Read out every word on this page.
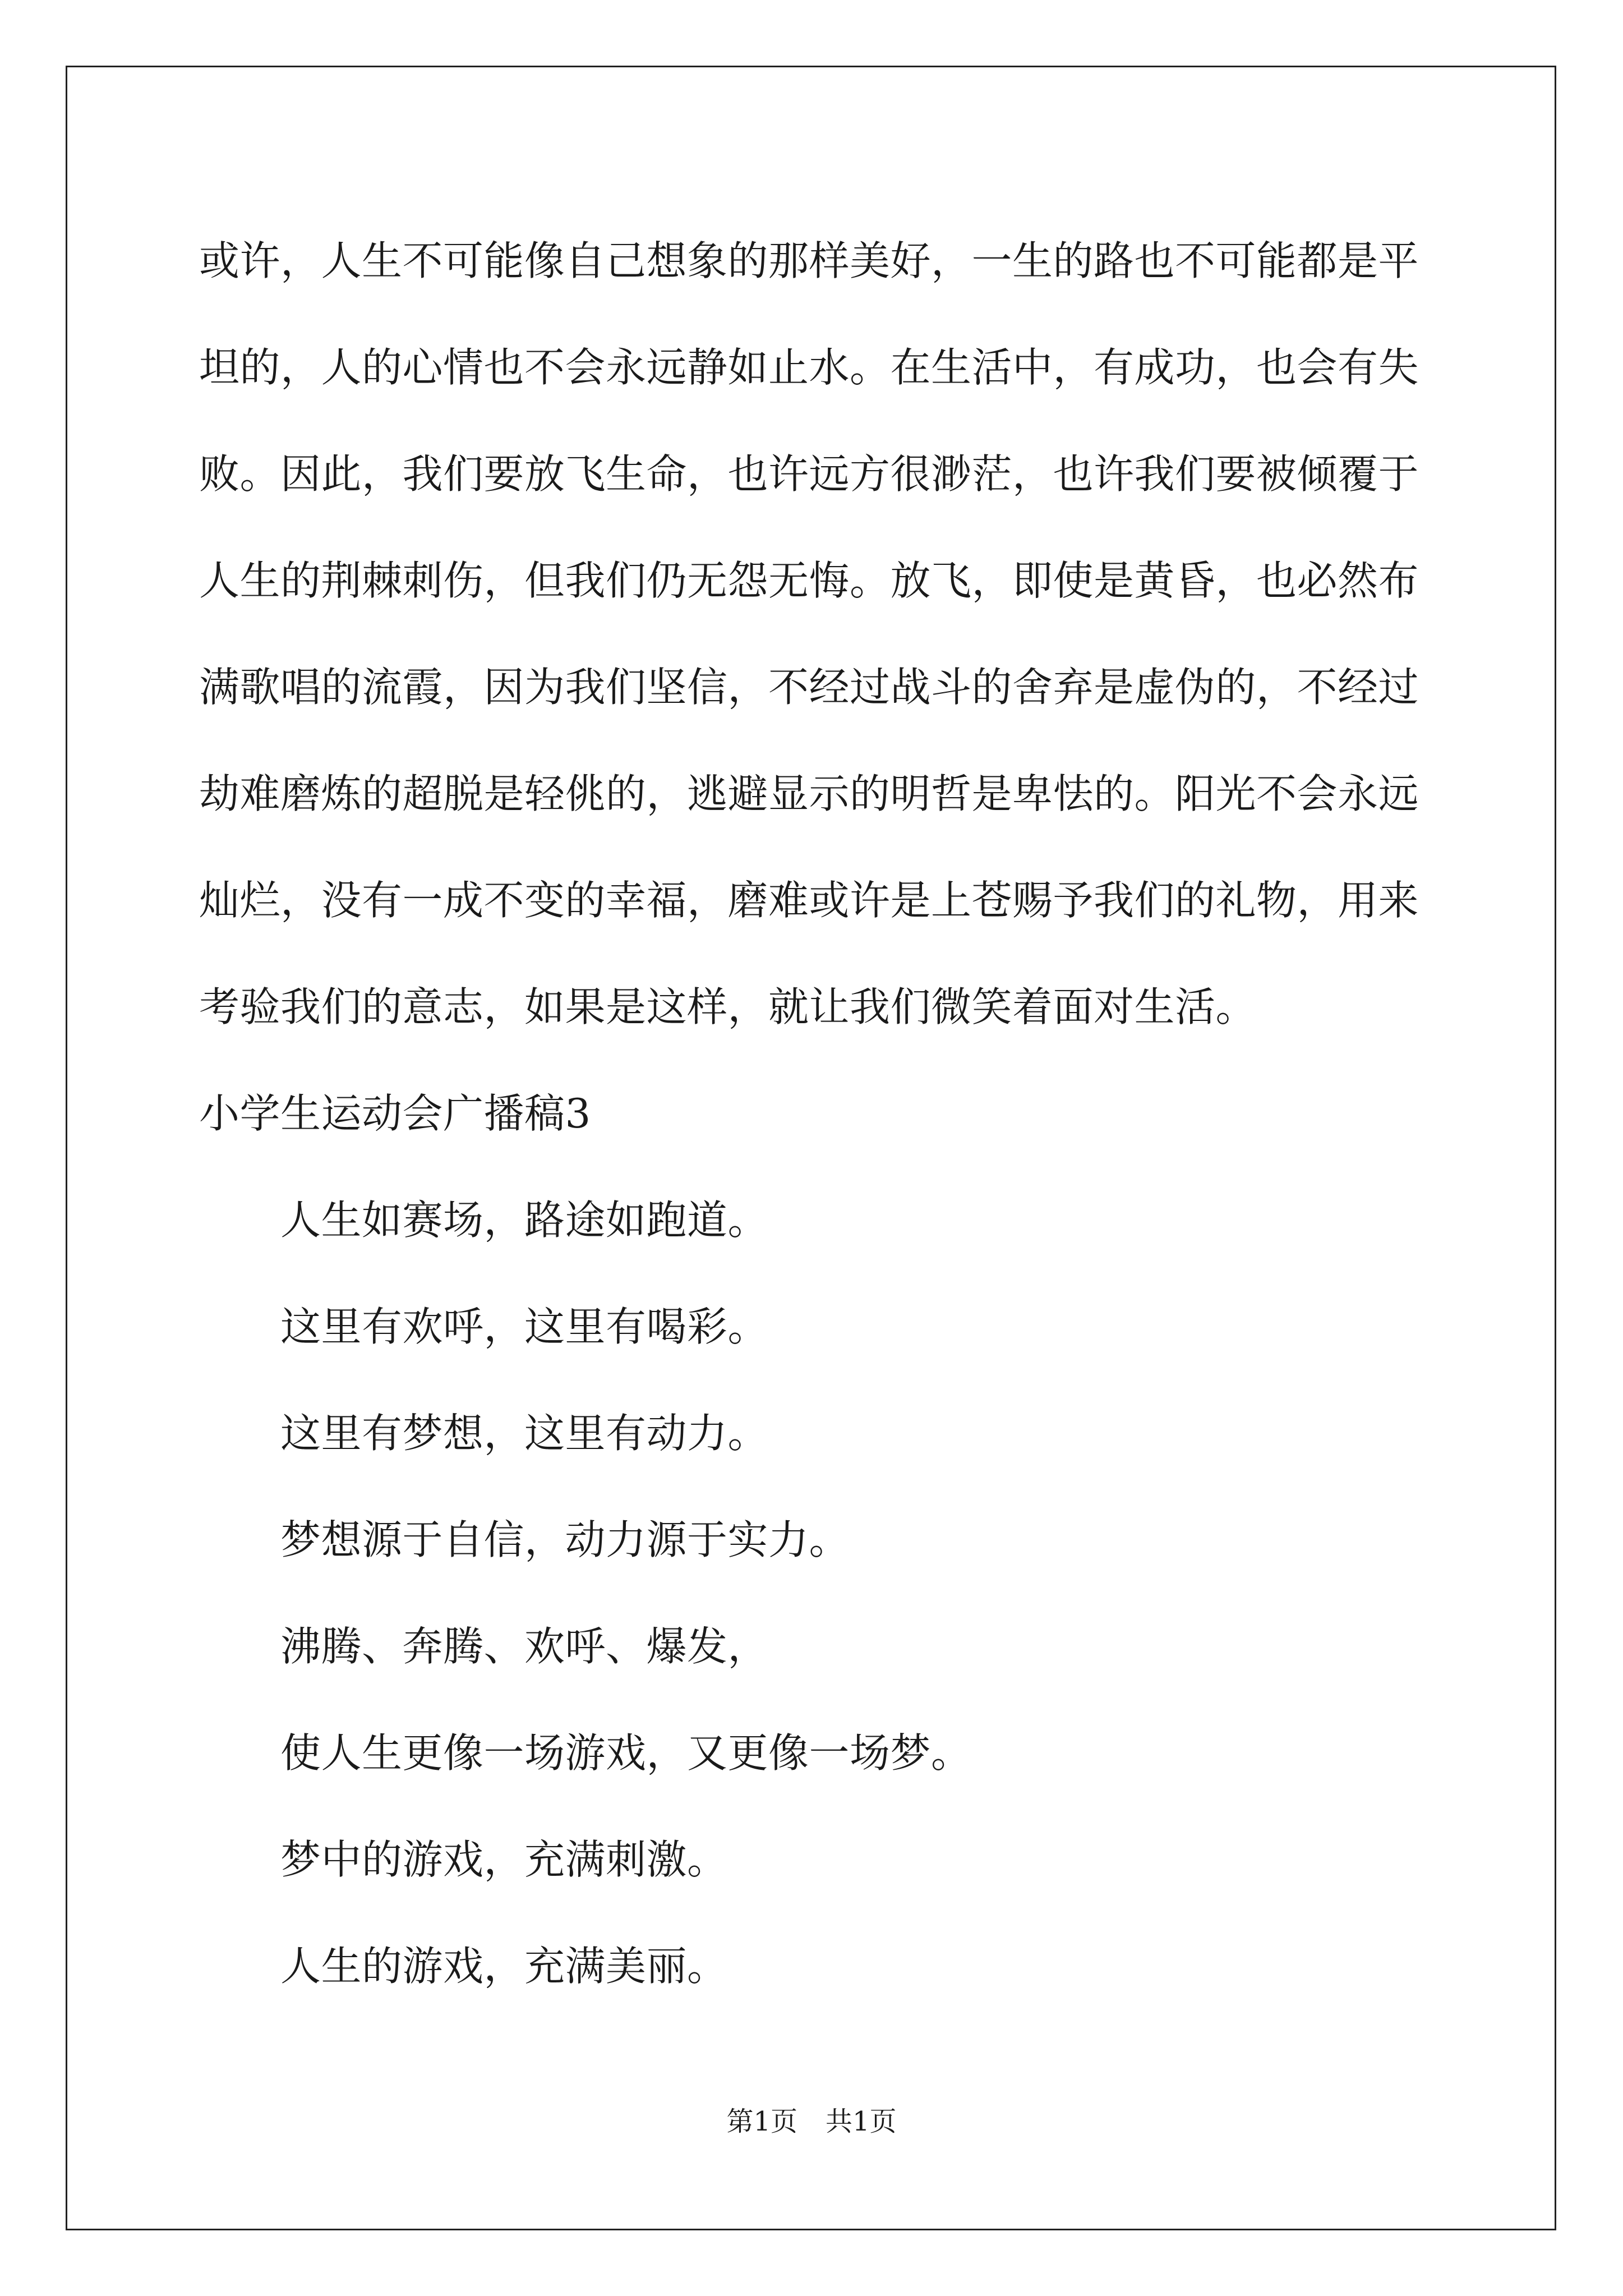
或许，人生不可能像自己想象的那样美好，一生的路也不可能都是平
坦的，人的心情也不会永远静如止水。在生活中，有成功，也会有失
败。因此，我们要放飞生命，也许远方很渺茫，也许我们要被倾覆于
人生的荆棘刺伤，但我们仍无怨无悔。放飞，即使是黄昏，也必然布
满歌唱的流霞，因为我们坚信，不经过战斗的舍弃是虚伪的，不经过
劫难磨炼的超脱是轻佻的，逃避显示的明哲是卑怯的。阳光不会永远
灿烂，没有一成不变的幸福，磨难或许是上苍赐予我们的礼物，用来
考验我们的意志，如果是这样，就让我们微笑着面对生活。
小学生运动会广播稿3
人生如赛场，路途如跑道。
这里有欢呼，这里有喝彩。
这里有梦想，这里有动力。
梦想源于自信，动力源于实力。
沸腾、奔腾、欢呼、爆发，
使人生更像一场游戏，又更像一场梦。
梦中的游戏，充满刺激。
人生的游戏，充满美丽。
第1页 共1页
